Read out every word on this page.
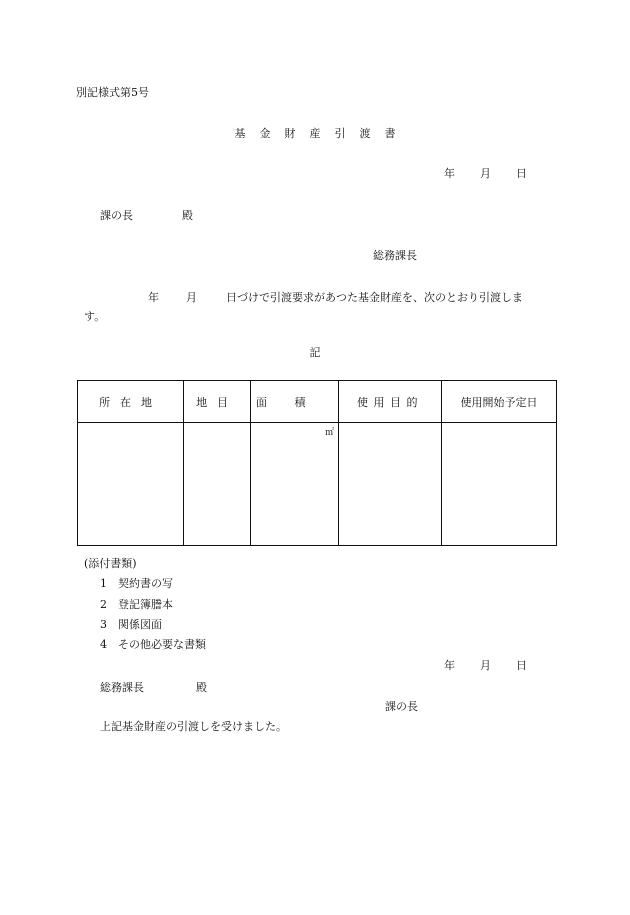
別記様式第5号
基 金 財 産 引 渡 書
年 月 日
課の長	殿
総務課長
年 月	日づけで引渡要求があつた基金財産を、次のとおり引渡しま
す。
記
所在地	地目	面積	使用目的	使用開始予定日

		㎡		

(添付書類)
1　契約書の写
2　登記簿謄本
3　関係図面
4　その他必要な書類
年 月 日
総務課長	殿
課の長
上記基金財産の引渡しを受けました。
